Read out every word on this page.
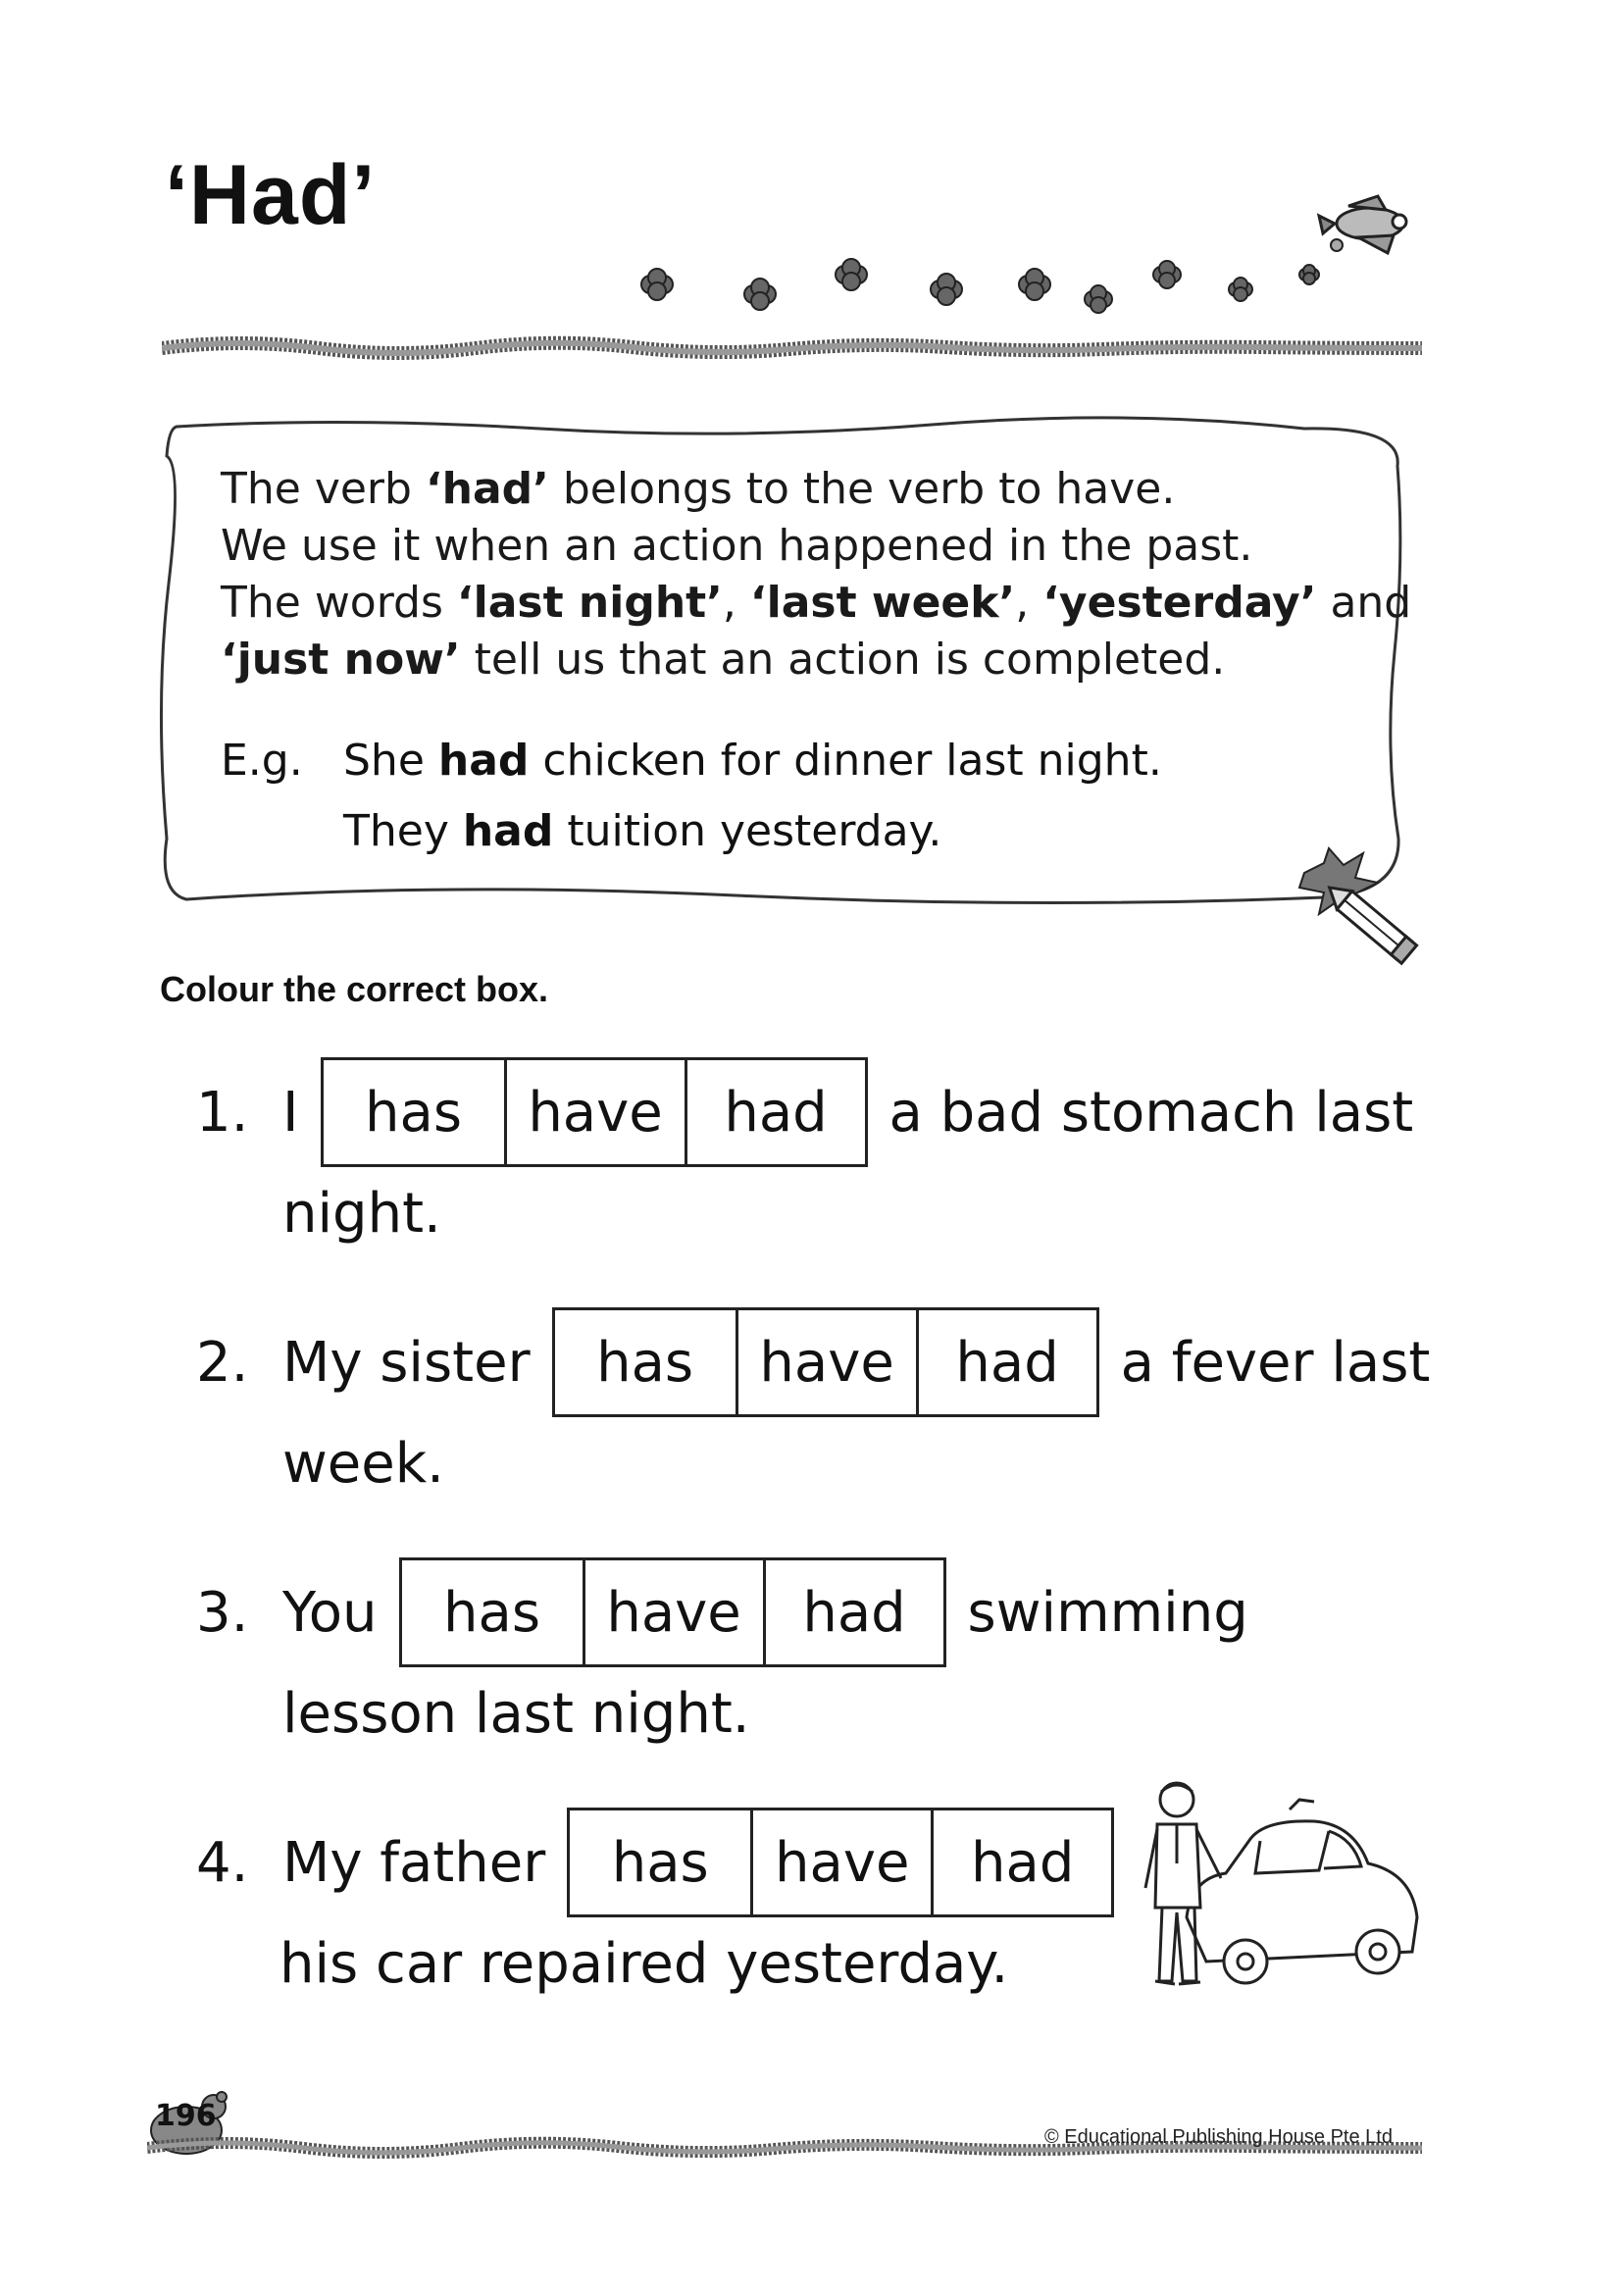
‘Had’
The verb ‘had’ belongs to the verb to have.
We use it when an action happened in the past.
The words ‘last night’, ‘last week’, ‘yesterday’ and
‘just now’ tell us that an action is completed.
E.g. She had chicken for dinner last night.
They had tuition yesterday.
Colour the correct box.
1. I	has	have	had	a bad stomach last
night.
2. My sister	has	have	had	a fever last
week.
3. You	has	have	had	swimming
lesson last night.
4. My father	has	have	had
his car repaired yesterday.
196
© Educational Publishing House Pte Ltd
